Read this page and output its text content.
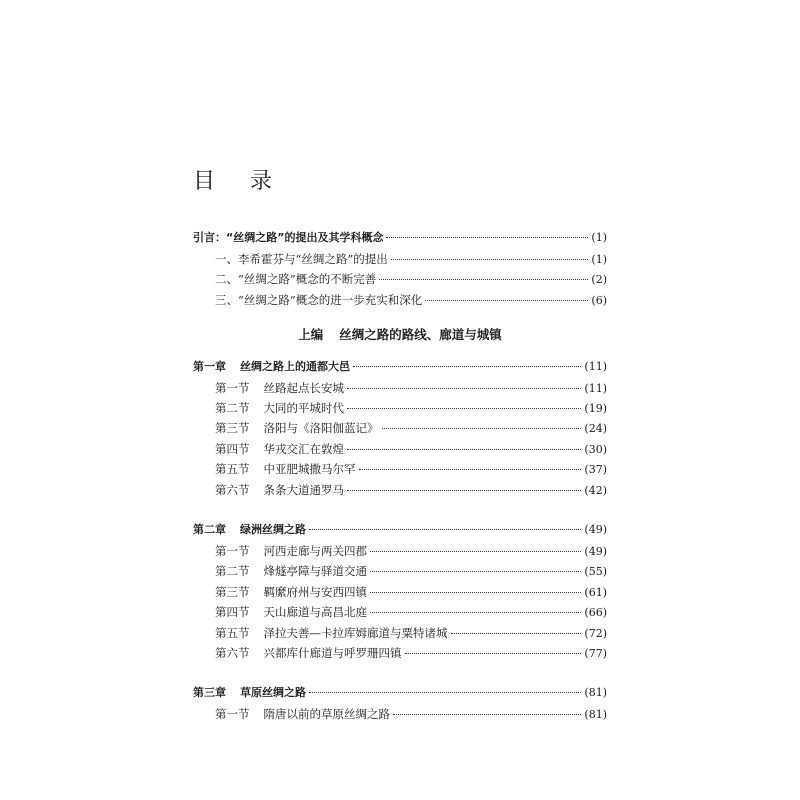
目 录
引言：“丝绸之路”的提出及其学科概念	(1)
一、李希霍芬与“丝绸之路”的提出	(1)
二、“丝绸之路”概念的不断完善	(2)
三、“丝绸之路”概念的进一步充实和深化	(6)
上编 丝绸之路的路线、廊道与城镇
第一章 丝绸之路上的通都大邑	(11)
第一节 丝路起点长安城	(11)
第二节 大同的平城时代	(19)
第三节 洛阳与《洛阳伽蓝记》	(24)
第四节 华戎交汇在敦煌	(30)
第五节 中亚肥城撒马尔罕	(37)
第六节 条条大道通罗马	(42)
第二章 绿洲丝绸之路	(49)
第一节 河西走廊与两关四郡	(49)
第二节 烽燧亭障与驿道交通	(55)
第三节 羁縻府州与安西四镇	(61)
第四节 天山廊道与高昌北庭	(66)
第五节 泽拉夫善—卡拉库姆廊道与粟特诸城	(72)
第六节 兴都库什廊道与呼罗珊四镇	(77)
第三章 草原丝绸之路	(81)
第一节 隋唐以前的草原丝绸之路	(81)
